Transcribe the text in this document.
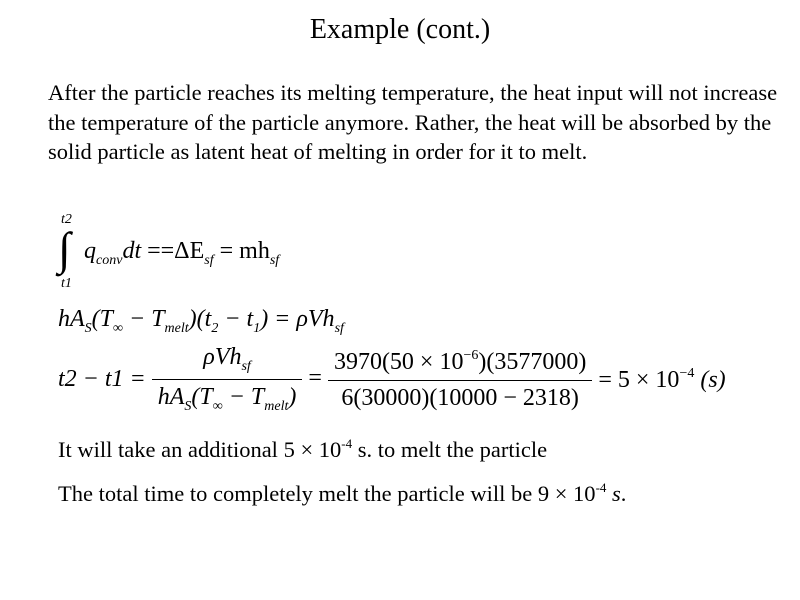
Example (cont.)
After the particle reaches its melting temperature, the heat input will not increase the temperature of the particle anymore. Rather, the heat will be absorbed by the solid particle as latent heat of melting in order for it to melt.
t2
∫
t1
$q_{conv}dt ==\Delta E_{sf} = mh_{sf}$
$hA_S(T_\infty - T_{melt})(t_2 - t_1) = \rho Vh_{sf}$
$t2 - t1 = \frac{\rho Vh_{sf}}{hA_S(T_\infty - T_{melt})} = \frac{3970(50 \times 10^{-6})(3577000)}{6(30000)(10000 - 2318)} = 5 \times 10^{-4}$ (s)
It will take an additional $5 \times 10^{-4}$ s. to melt the particle
The total time to completely melt the particle will be $9 \times 10^{-4}$ s.
